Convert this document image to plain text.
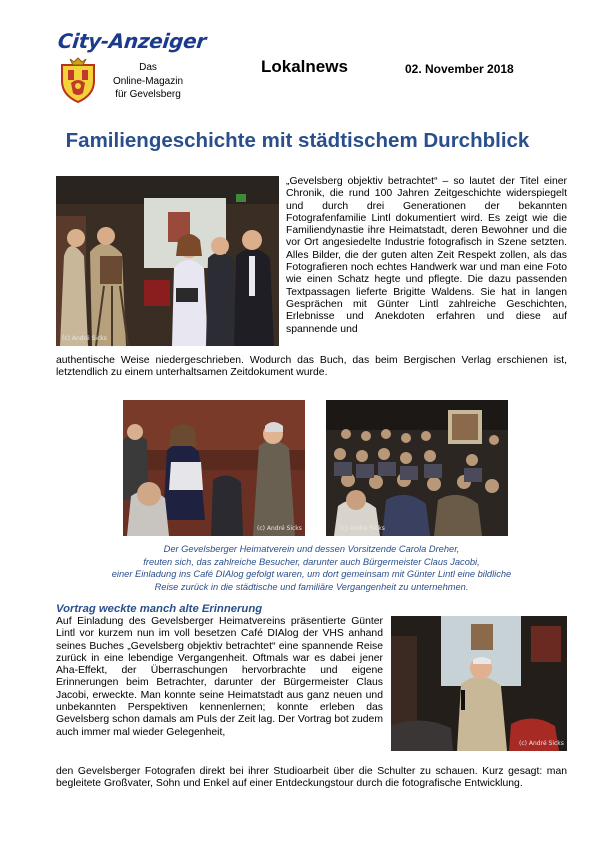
City-Anzeiger
Das
Online-Magazin
für Gevelsberg
Lokalnews	02. November 2018
Familiengeschichte mit städtischem Durchblick
(c) André Sicks
„Gevelsberg objektiv betrachtet“ – so lautet der Titel einer Chronik, die rund 100 Jahren Zeitgeschichte widerspiegelt und durch drei Generationen der bekannten Fotografenfamilie Lintl dokumentiert wird. Es zeigt wie die Familiendynastie ihre Heimatstadt, deren Bewohner und die vor Ort angesiedelte Industrie fotografisch in Szene setzten. Alles Bilder, die der guten alten Zeit Respekt zollen, als das Fotografieren noch echtes Handwerk war und man eine Foto wie einen Schatz hegte und pflegte. Die dazu passenden Textpassagen lieferte Brigitte Waldens. Sie hat in langen Gesprächen mit Günter Lintl zahlreiche Geschichten, Erlebnisse und Anekdoten erfahren und diese auf spannende und
authentische Weise niedergeschrieben. Wodurch das Buch, das beim Bergischen Verlag erschienen ist, letztendlich zu einem unterhaltsamen Zeitdokument wurde.
(c) André Sicks	(c) André Sicks
Der Gevelsberger Heimatverein und dessen Vorsitzende Carola Dreher,
freuten sich, das zahlreiche Besucher, darunter auch Bürgermeister Claus Jacobi,
einer Einladung ins Café DIAlog gefolgt waren, um dort gemeinsam mit Günter Lintl eine bildliche
Reise zurück in die städtische und familiäre Vergangenheit zu unternehmen.
Vortrag weckte manch alte Erinnerung
Auf Einladung des Gevelsberger Heimatvereins präsentierte Günter Lintl vor kurzem nun im voll besetzen Café DIAlog der VHS anhand seines Buches „Gevelsberg objektiv betrachtet“ eine spannende Reise zurück in eine lebendige Vergangenheit. Oftmals war es dabei jener Aha-Effekt, der Überraschungen hervorbrachte und eigene Erinnerungen beim Betrachter, darunter der Bürgermeister Claus Jacobi, erweckte. Man konnte seine Heimatstadt aus ganz neuen und unbekannten Perspektiven kennenlernen; konnte erleben das Gevelsberg schon damals am Puls der Zeit lag. Der Vortrag bot zudem auch immer mal wieder Gelegenheit,
(c) André Sicks
den Gevelsberger Fotografen direkt bei ihrer Studioarbeit über die Schulter zu schauen. Kurz gesagt: man begleitete Großvater, Sohn und Enkel auf einer Entdeckungstour durch die fotografische Entwicklung.
